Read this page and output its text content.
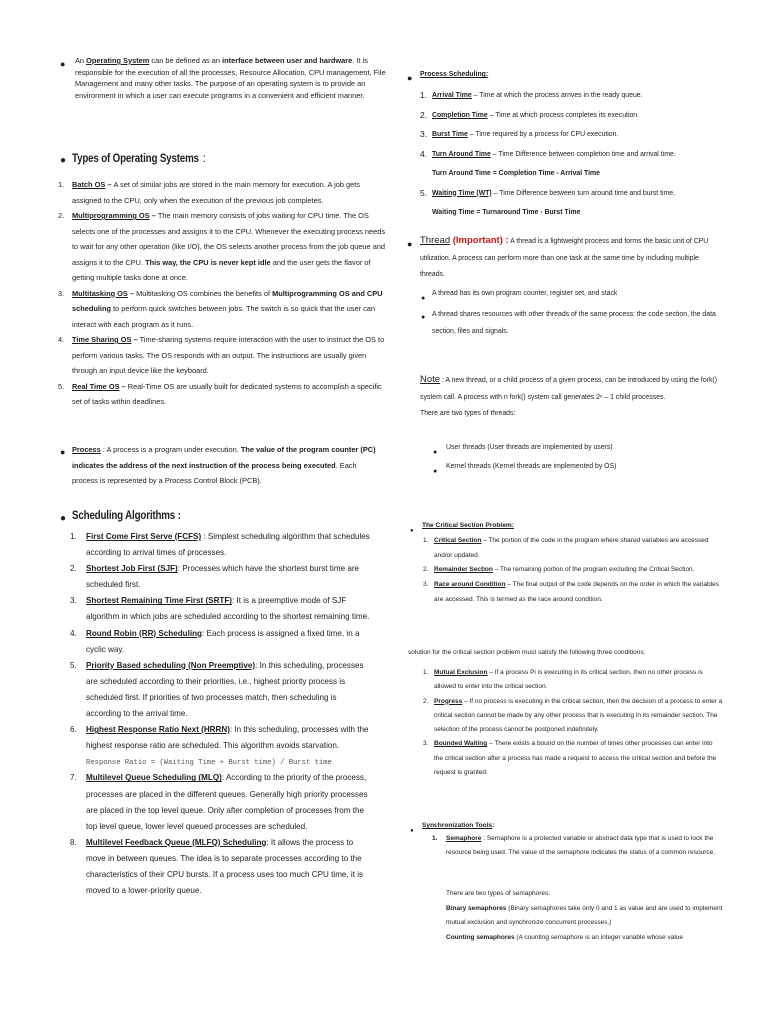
● An Operating System can be defined as an interface between user and hardware. It is responsible for the execution of all the processes, Resource Allocation, CPU management, File Management and many other tasks. The purpose of an operating system is to provide an environment in which a user can execute programs in a convenient and efficient manner.
● Types of Operating Systems :
1. Batch OS – A set of similar jobs are stored in the main memory for execution. A job gets assigned to the CPU, only when the execution of the previous job completes.
2. Multiprogramming OS – The main memory consists of jobs waiting for CPU time. The OS selects one of the processes and assigns it to the CPU. Whenever the executing process needs to wait for any other operation (like I/O), the OS selects another process from the job queue and assigns it to the CPU. This way, the CPU is never kept idle and the user gets the flavor of getting multiple tasks done at once.
3. Multitasking OS – Multitasking OS combines the benefits of Multiprogramming OS and CPU scheduling to perform quick switches between jobs. The switch is so quick that the user can interact with each program as it runs.
4. Time Sharing OS – Time-sharing systems require interaction with the user to instruct the OS to perform various tasks. The OS responds with an output. The instructions are usually given through an input device like the keyboard.
5. Real Time OS – Real-Time OS are usually built for dedicated systems to accomplish a specific set of tasks within deadlines.
● Process : A process is a program under execution. The value of the program counter (PC) indicates the address of the next instruction of the process being executed. Each process is represented by a Process Control Block (PCB).
● Scheduling Algorithms :
1. First Come First Serve (FCFS) : Simplest scheduling algorithm that schedules according to arrival times of processes.
2. Shortest Job First (SJF): Processes which have the shortest burst time are scheduled first.
3. Shortest Remaining Time First (SRTF): It is a preemptive mode of SJF algorithm in which jobs are scheduled according to the shortest remaining time.
4. Round Robin (RR) Scheduling: Each process is assigned a fixed time, in a cyclic way.
5. Priority Based scheduling (Non Preemptive): In this scheduling, processes are scheduled according to their priorities, i.e., highest priority process is scheduled first. If priorities of two processes match, then scheduling is according to the arrival time.
6. Highest Response Ratio Next (HRRN): In this scheduling, processes with the highest response ratio are scheduled. This algorithm avoids starvation.
Response Ratio = (Waiting Time + Burst time) / Burst time
7. Multilevel Queue Scheduling (MLQ): According to the priority of the process, processes are placed in the different queues. Generally high priority processes are placed in the top level queue. Only after completion of processes from the top level queue, lower level queued processes are scheduled.
8. Multilevel Feedback Queue (MLFQ) Scheduling: It allows the process to move in between queues. The idea is to separate processes according to the characteristics of their CPU bursts. If a process uses too much CPU time, it is moved to a lower-priority queue.
● Process Scheduling:
1. Arrival Time – Time at which the process arrives in the ready queue.
2. Completion Time – Time at which process completes its execution.
3. Burst Time – Time required by a process for CPU execution.
4. Turn Around Time – Time Difference between completion time and arrival time.
Turn Around Time = Completion Time - Arrival Time
5. Waiting Time (WT) – Time Difference between turn around time and burst time.
Waiting Time = Turnaround Time - Burst Time
● Thread (Important) : A thread is a lightweight process and forms the basic unit of CPU utilization. A process can perform more than one task at the same time by including multiple threads.
●
A thread has its own program counter, register set, and stack
● A thread shares resources with other threads of the same process: the code section, the data section, files and signals.
Note : A new thread, or a child process of a given process, can be introduced by using the fork() system call. A process with n fork() system call generates 2ⁿ – 1 child processes.
There are two types of threads:
●
User threads (User threads are implemented by users)
●
Kernel threads (Kernel threads are implemented by OS)
●
The Critical Section Problem:
1. Critical Section – The portion of the code in the program where shared variables are accessed and/or updated.
2. Remainder Section – The remaining portion of the program excluding the Critical Section.
3. Race around Condition – The final output of the code depends on the order in which the variables are accessed. This is termed as the race around condition.
solution for the critical section problem must satisfy the following three conditions:
1. Mutual Exclusion – If a process Pi is executing in its critical section, then no other process is allowed to enter into the critical section.
2. Progress – If no process is executing in the critical section, then the decision of a process to enter a critical section cannot be made by any other process that is executing in its remainder section. The selection of the process cannot be postponed indefinitely.
3. Bounded Waiting – There exists a bound on the number of times other processes can enter into the critical section after a process has made a request to access the critical section and before the request is granted.
●
Synchronization Tools:
1. Semaphore : Semaphore is a protected variable or abstract data type that is used to lock the resource being used. The value of the semaphore indicates the status of a common resource.
There are two types of semaphores:
Binary semaphores (Binary semaphores take only 0 and 1 as value and are used to implement mutual exclusion and synchronize concurrent processes.)
Counting semaphores (A counting semaphore is an integer variable whose value
